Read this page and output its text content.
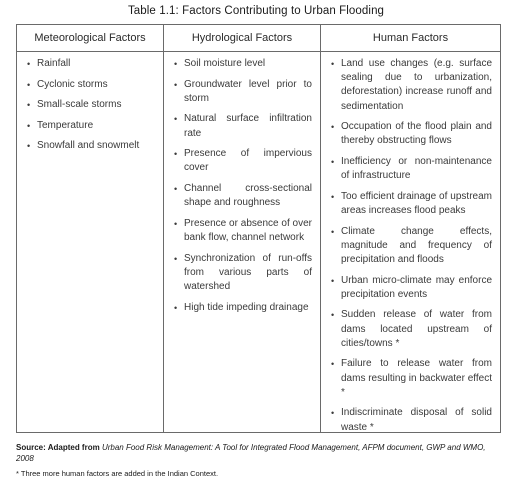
Table 1.1: Factors Contributing to Urban Flooding
Meteorological Factors
• Rainfall
• Cyclonic storms
• Small-scale storms
• Temperature
• Snowfall and snowmelt
Hydrological Factors
• Soil moisture level
• Groundwater level prior to storm
• Natural surface infiltration rate
• Presence of impervious cover
• Channel cross-sectional shape and roughness
• Presence or absence of over bank flow, channel network
• Synchronization of run-offs from various parts of watershed
• High tide impeding drainage
Human Factors
• Land use changes (e.g. surface sealing due to urbanization, deforestation) increase runoff and sedimentation
• Occupation of the flood plain and thereby obstructing flows
• Inefficiency or non-maintenance of infrastructure
• Too efficient drainage of upstream areas increases flood peaks
• Climate change effects, magnitude and frequency of precipitation and floods
• Urban micro-climate may enforce precipitation events
• Sudden release of water from dams located upstream of cities/towns *
• Failure to release water from dams resulting in backwater effect *
• Indiscriminate disposal of solid waste *
Source: Adapted from Urban Food Risk Management: A Tool for Integrated Flood Management, AFPM document, GWP and WMO, 2008
* Three more human factors are added in the Indian Context.
